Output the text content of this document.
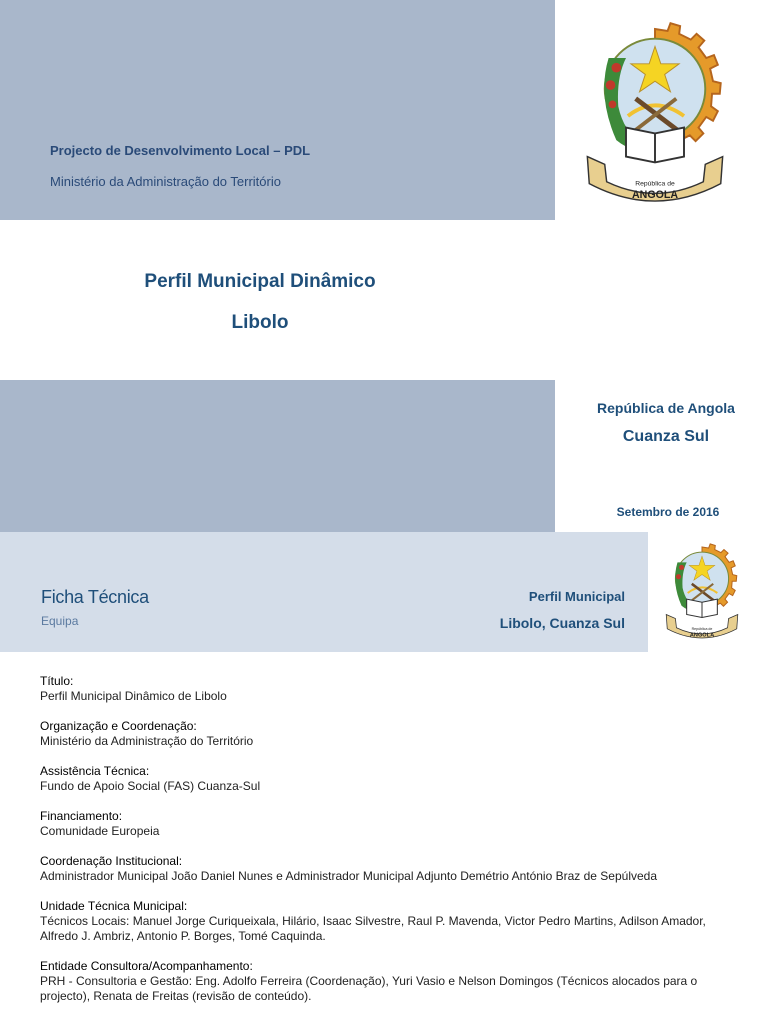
Projecto de Desenvolvimento Local – PDL
Ministério da Administração do Território	República de
ANGOLA
Perfil Municipal Dinâmico
Libolo
República de Angola
Cuanza Sul
Setembro de 2016
Ficha Técnica
Equipa
Perfil Municipal
Libolo, Cuanza Sul	República de
ANGOLA
Título:
Perfil Municipal Dinâmico de Libolo
Organização e Coordenação:
Ministério da Administração do Território
Assistência Técnica:
Fundo de Apoio Social (FAS) Cuanza-Sul
Financiamento:
Comunidade Europeia
Coordenação Institucional:
Administrador Municipal João Daniel Nunes e Administrador Municipal Adjunto Demétrio António Braz de Sepúlveda
Unidade Técnica Municipal:
Técnicos Locais: Manuel Jorge Curiqueixala, Hilário, Isaac Silvestre, Raul P. Mavenda, Victor Pedro Martins, Adilson Amador, Alfredo J. Ambriz, Antonio P. Borges, Tomé Caquinda.
Entidade Consultora/Acompanhamento:
PRH - Consultoria e Gestão: Eng. Adolfo Ferreira (Coordenação), Yuri Vasio e Nelson Domingos (Técnicos alocados para o projecto), Renata de Freitas (revisão de conteúdo).
